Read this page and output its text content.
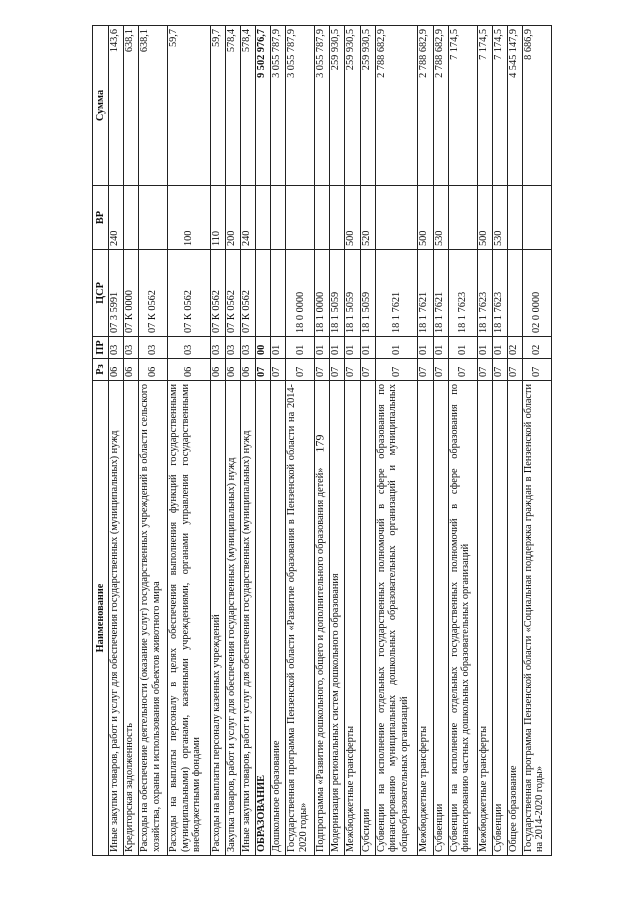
179
Наименование	Рз	ПР	ЦСР	ВР	Сумма
Иные закупки товаров, работ и услуг для обеспечения государственных (муниципальных) нужд	06	03	07 3 5991	240	143,6
Кредиторская задолженность	06	03	07 К 0000		638,1
Расходы на обеспечение деятельности (оказание услуг) государственных учреждений в области сельского хозяйства, охраны и использования объектов животного мира	06	03	07 К 0562		638,1
Расходы на выплаты персоналу в целях обеспечения выполнения функций государственными (муниципальными) органами, казенными учреждениями, органами управления государственными внебюджетными фондами	06	03	07 К 0562	100	59,7
Расходы на выплаты персоналу казенных учреждений	06	03	07 К 0562	110	59,7
Закупка товаров, работ и услуг для обеспечения государственных (муниципальных) нужд	06	03	07 К 0562	200	578,4
Иные закупки товаров, работ и услуг для обеспечения государственных (муниципальных) нужд	06	03	07 К 0562	240	578,4
ОБРАЗОВАНИЕ	07	00			9 502 976,7
Дошкольное образование	07	01			3 055 787,9
Государственная программа Пензенской области «Развитие образования в Пензенской области на 2014-2020 годы»	07	01	18 0 0000		3 055 787,9
Подпрограмма «Развитие дошкольного, общего и дополнительного образования детей»	07	01	18 1 0000		3 055 787,9
Модернизация региональных систем дошкольного образования	07	01	18 1 5059		259 930,5
Межбюджетные трансферты	07	01	18 1 5059	500	259 930,5
Субсидии	07	01	18 1 5059	520	259 930,5
Субвенции на исполнение отдельных государственных полномочий в сфере образования по финансированию муниципальных дошкольных образовательных организаций и муниципальных общеобразовательных организаций	07	01	18 1 7621		2 788 682,9
Межбюджетные трансферты	07	01	18 1 7621	500	2 788 682,9
Субвенции	07	01	18 1 7621	530	2 788 682,9
Субвенции на исполнение отдельных государственных полномочий в сфере образования по финансированию частных дошкольных образовательных организаций	07	01	18 1 7623		7 174,5
Межбюджетные трансферты	07	01	18 1 7623	500	7 174,5
Субвенции	07	01	18 1 7623	530	7 174,5
Общее образование	07	02			4 545 147,9
Государственная программа Пензенской области «Социальная поддержка граждан в Пензенской области на 2014-2020 годы»	07	02	02 0 0000		8 686,9
